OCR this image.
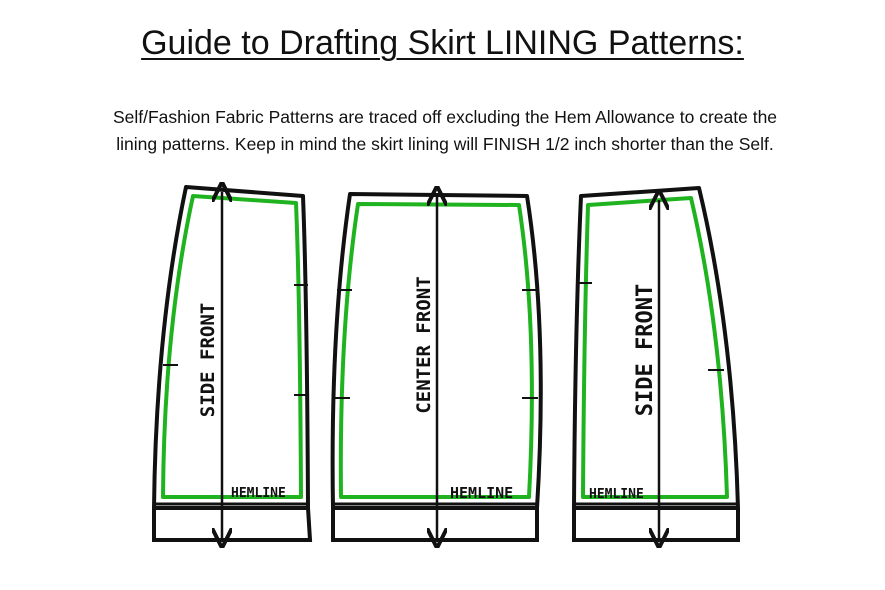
Guide to Drafting Skirt LINING Patterns:
Self/Fashion Fabric Patterns are traced off excluding the Hem Allowance to create the
lining patterns. Keep in mind the skirt lining will FINISH 1/2 inch shorter than the Self.
SIDE FRONT
HEMLINE
CENTER FRONT
HEMLINE
SIDE FRONT
HEMLINE
